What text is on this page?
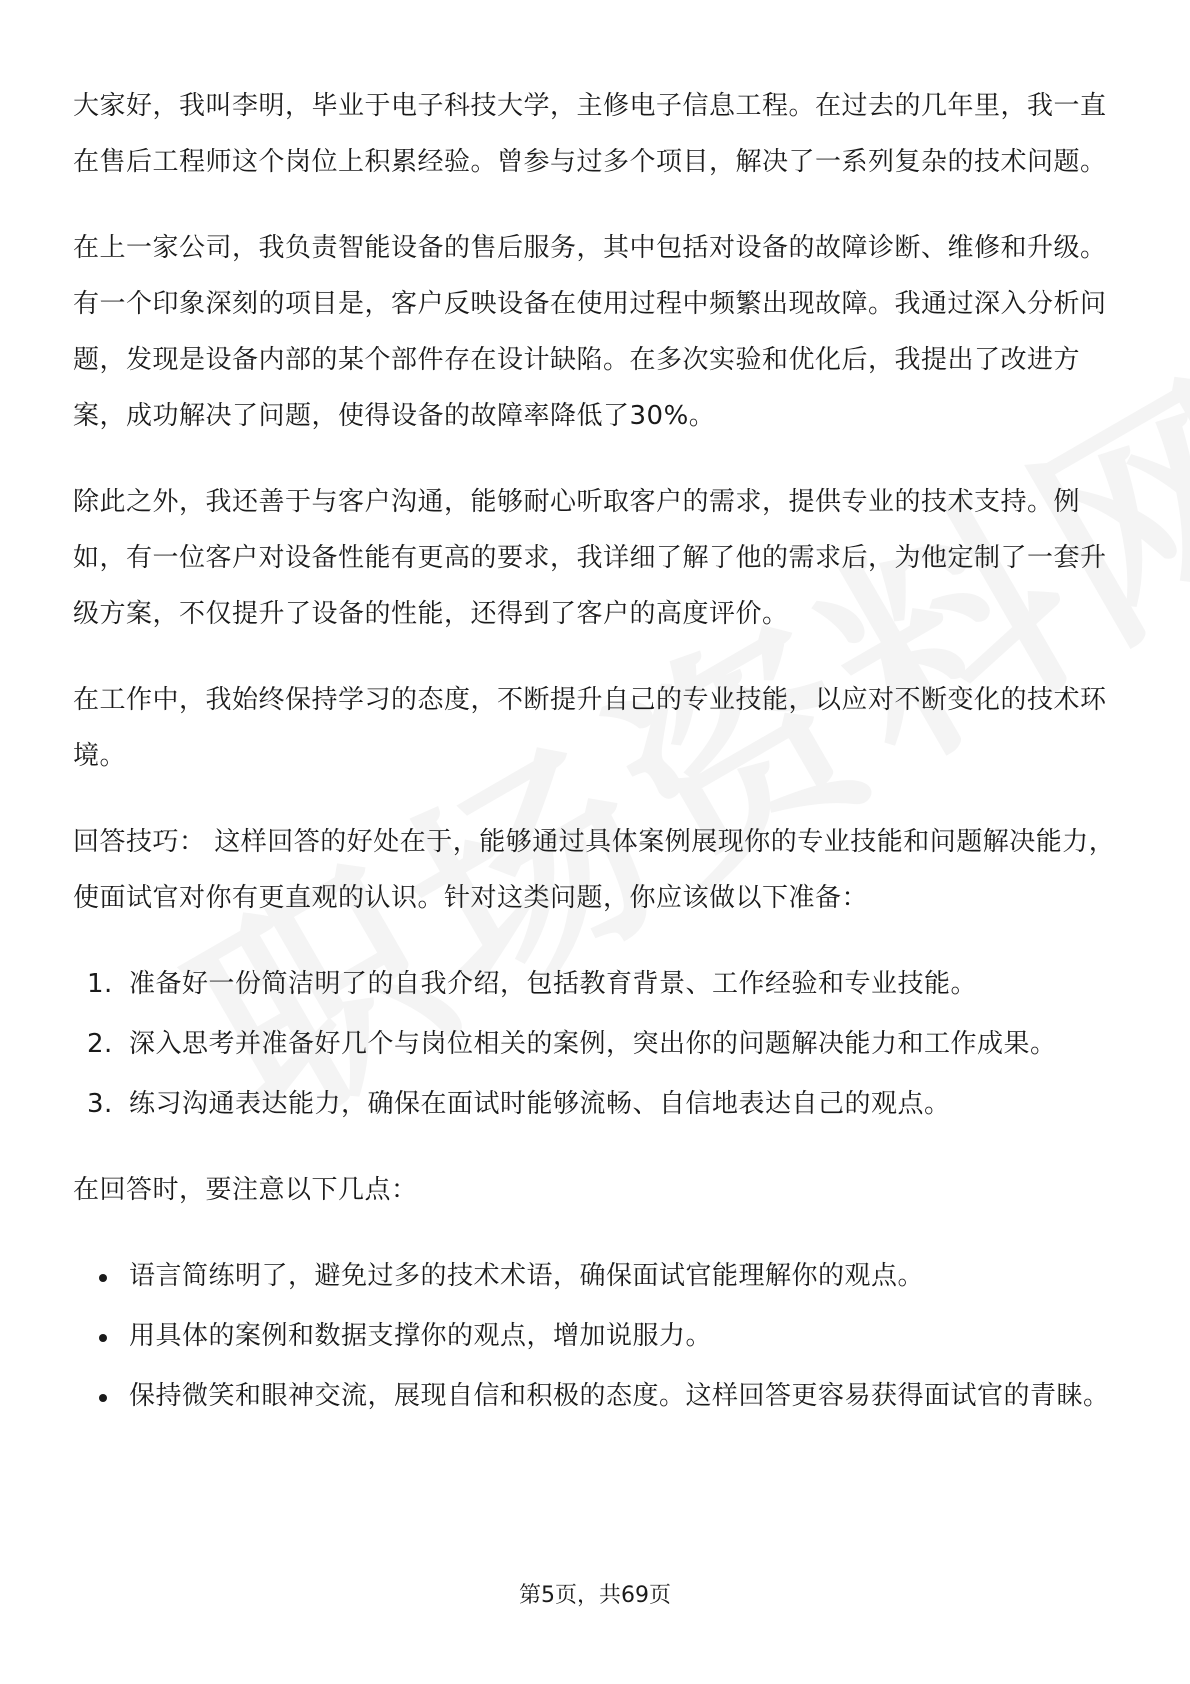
大家好，我叫李明，毕业于电子科技大学，主修电子信息工程。在过去的几年里，我一直在售后工程师这个岗位上积累经验。曾参与过多个项目，解决了一系列复杂的技术问题。

在上一家公司，我负责智能设备的售后服务，其中包括对设备的故障诊断、维修和升级。有一个印象深刻的项目是，客户反映设备在使用过程中频繁出现故障。我通过深入分析问题，发现是设备内部的某个部件存在设计缺陷。在多次实验和优化后，我提出了改进方案，成功解决了问题，使得设备的故障率降低了30%。

除此之外，我还善于与客户沟通，能够耐心听取客户的需求，提供专业的技术支持。例如，有一位客户对设备性能有更高的要求，我详细了解了他的需求后，为他定制了一套升级方案，不仅提升了设备的性能，还得到了客户的高度评价。

在工作中，我始终保持学习的态度，不断提升自己的专业技能，以应对不断变化的技术环境。

回答技巧： 这样回答的好处在于，能够通过具体案例展现你的专业技能和问题解决能力，使面试官对你有更直观的认识。针对这类问题，你应该做以下准备：

1. 准备好一份简洁明了的自我介绍，包括教育背景、工作经验和专业技能。
2. 深入思考并准备好几个与岗位相关的案例，突出你的问题解决能力和工作成果。
3. 练习沟通表达能力，确保在面试时能够流畅、自信地表达自己的观点。

在回答时，要注意以下几点：

语言简练明了，避免过多的技术术语，确保面试官能理解你的观点。
用具体的案例和数据支撑你的观点，增加说服力。
保持微笑和眼神交流，展现自信和积极的态度。这样回答更容易获得面试官的青睐。
第5页，共69页
